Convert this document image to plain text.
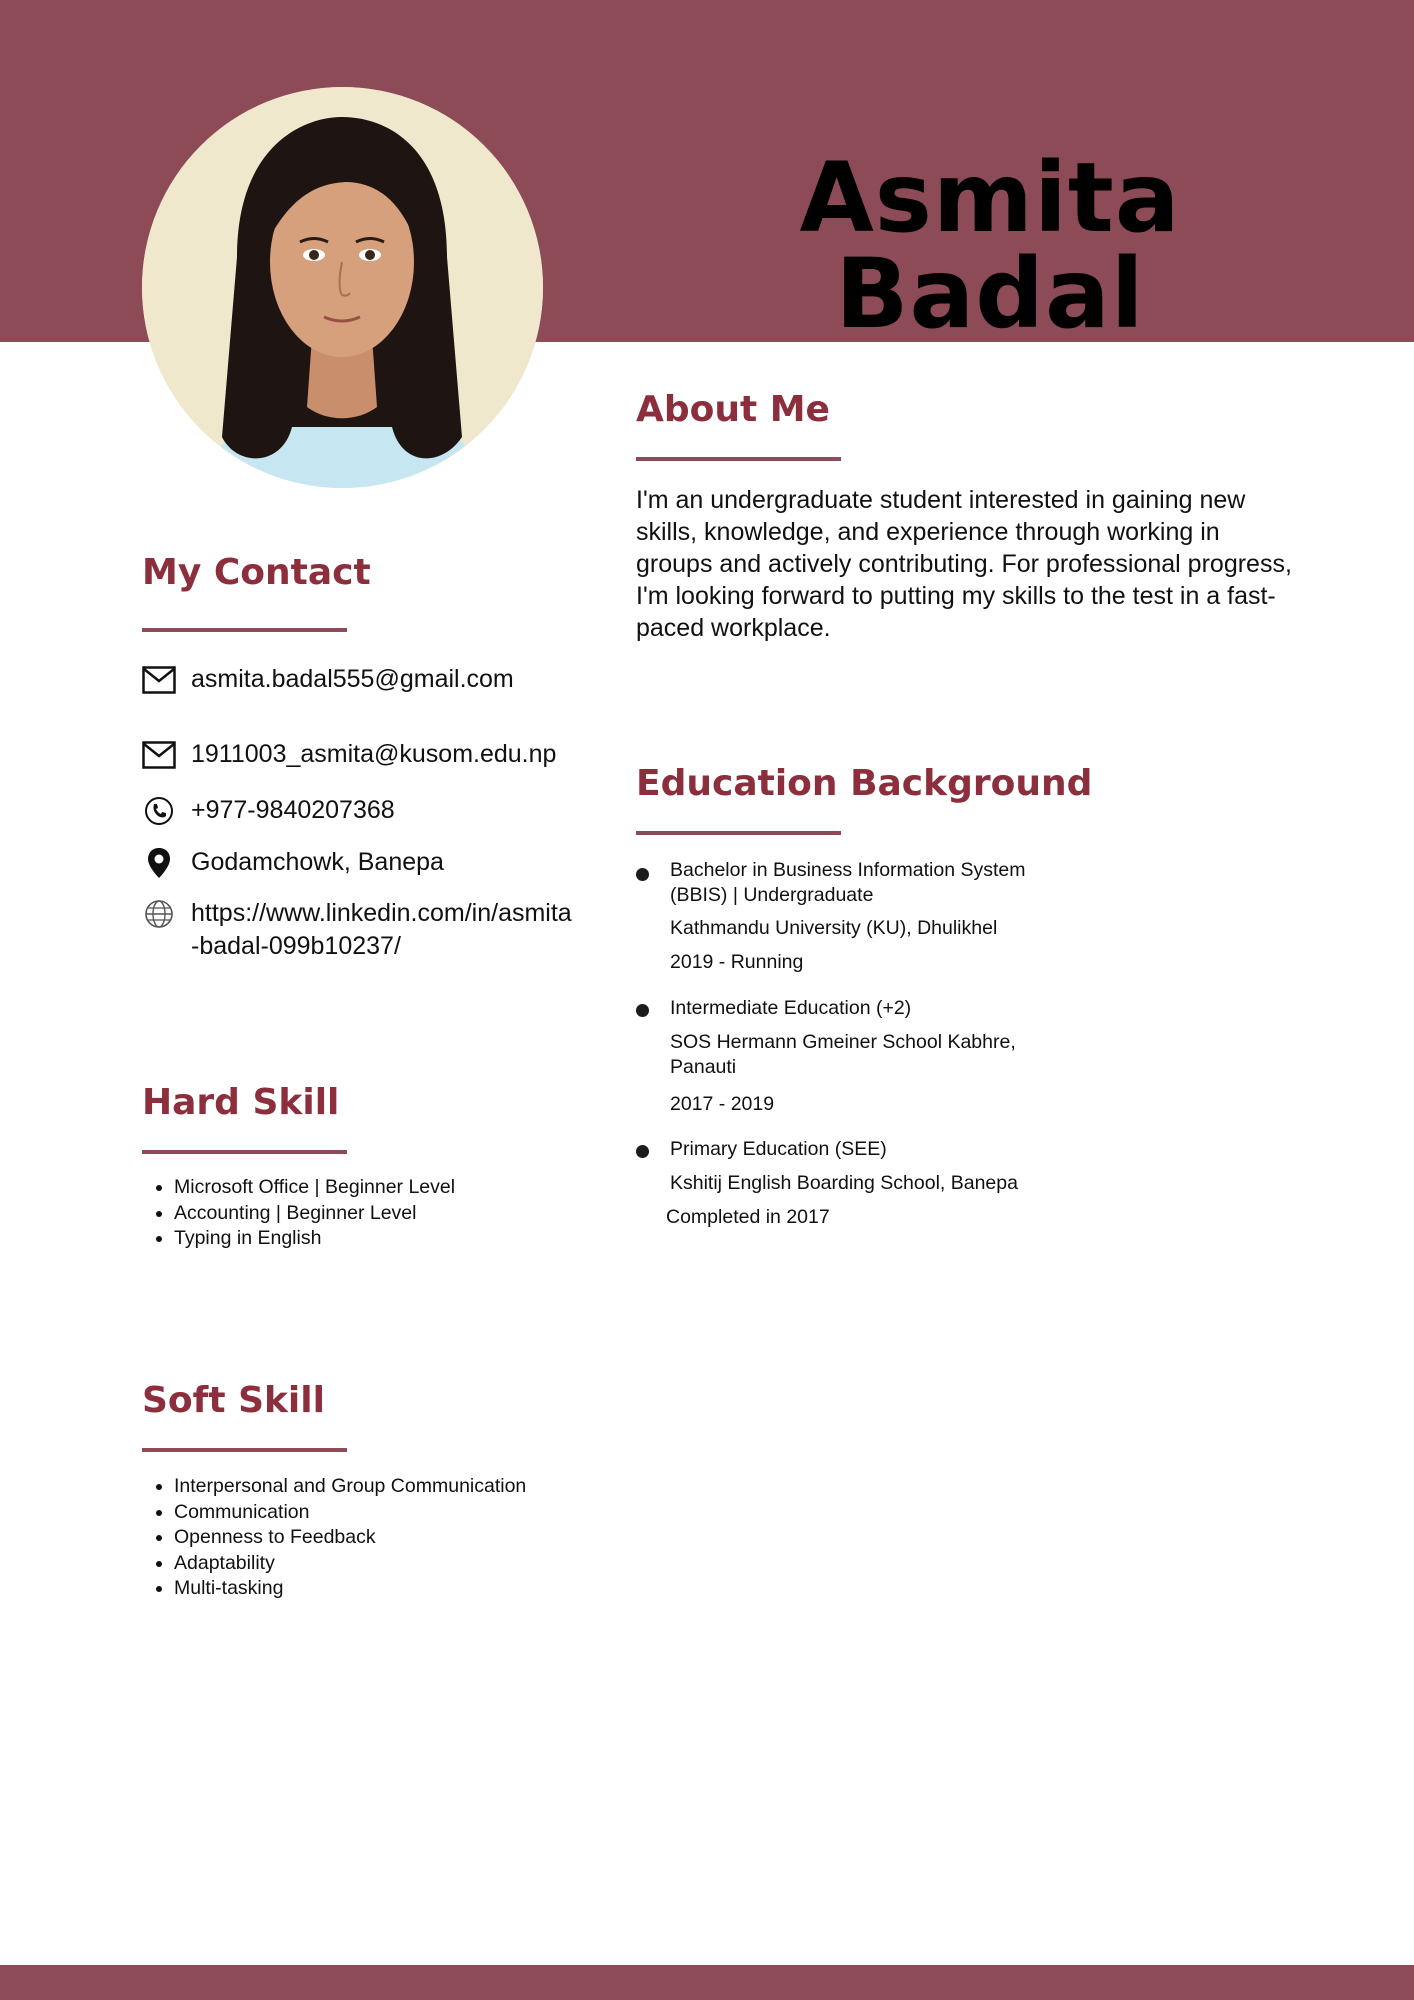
Asmita Badal
About Me

I'm an undergraduate student interested in gaining new skills, knowledge, and experience through working in groups and actively contributing. For professional progress, I'm looking forward to putting my skills to the test in a fast-paced workplace.

My Contact
asmita.badal555@gmail.com
1911003_asmita@kusom.edu.np
+977-9840207368
Godamchowk, Banepa
https://www.linkedin.com/in/asmita-badal-099b10237/
Hard Skill
• Microsoft Office | Beginner Level
• Accounting | Beginner Level
• Typing in English
Soft Skill
• Interpersonal and Group Communication
• Communication
• Openness to Feedback
• Adaptability
• Multi-tasking
Education Background
Bachelor in Business Information System (BBIS) | Undergraduate
Kathmandu University (KU), Dhulikhel
2019 - Running
Intermediate Education (+2)
SOS Hermann Gmeiner School Kabhre, Panauti
2017 - 2019
Primary Education (SEE)
Kshitij English Boarding School, Banepa
Completed in 2017
